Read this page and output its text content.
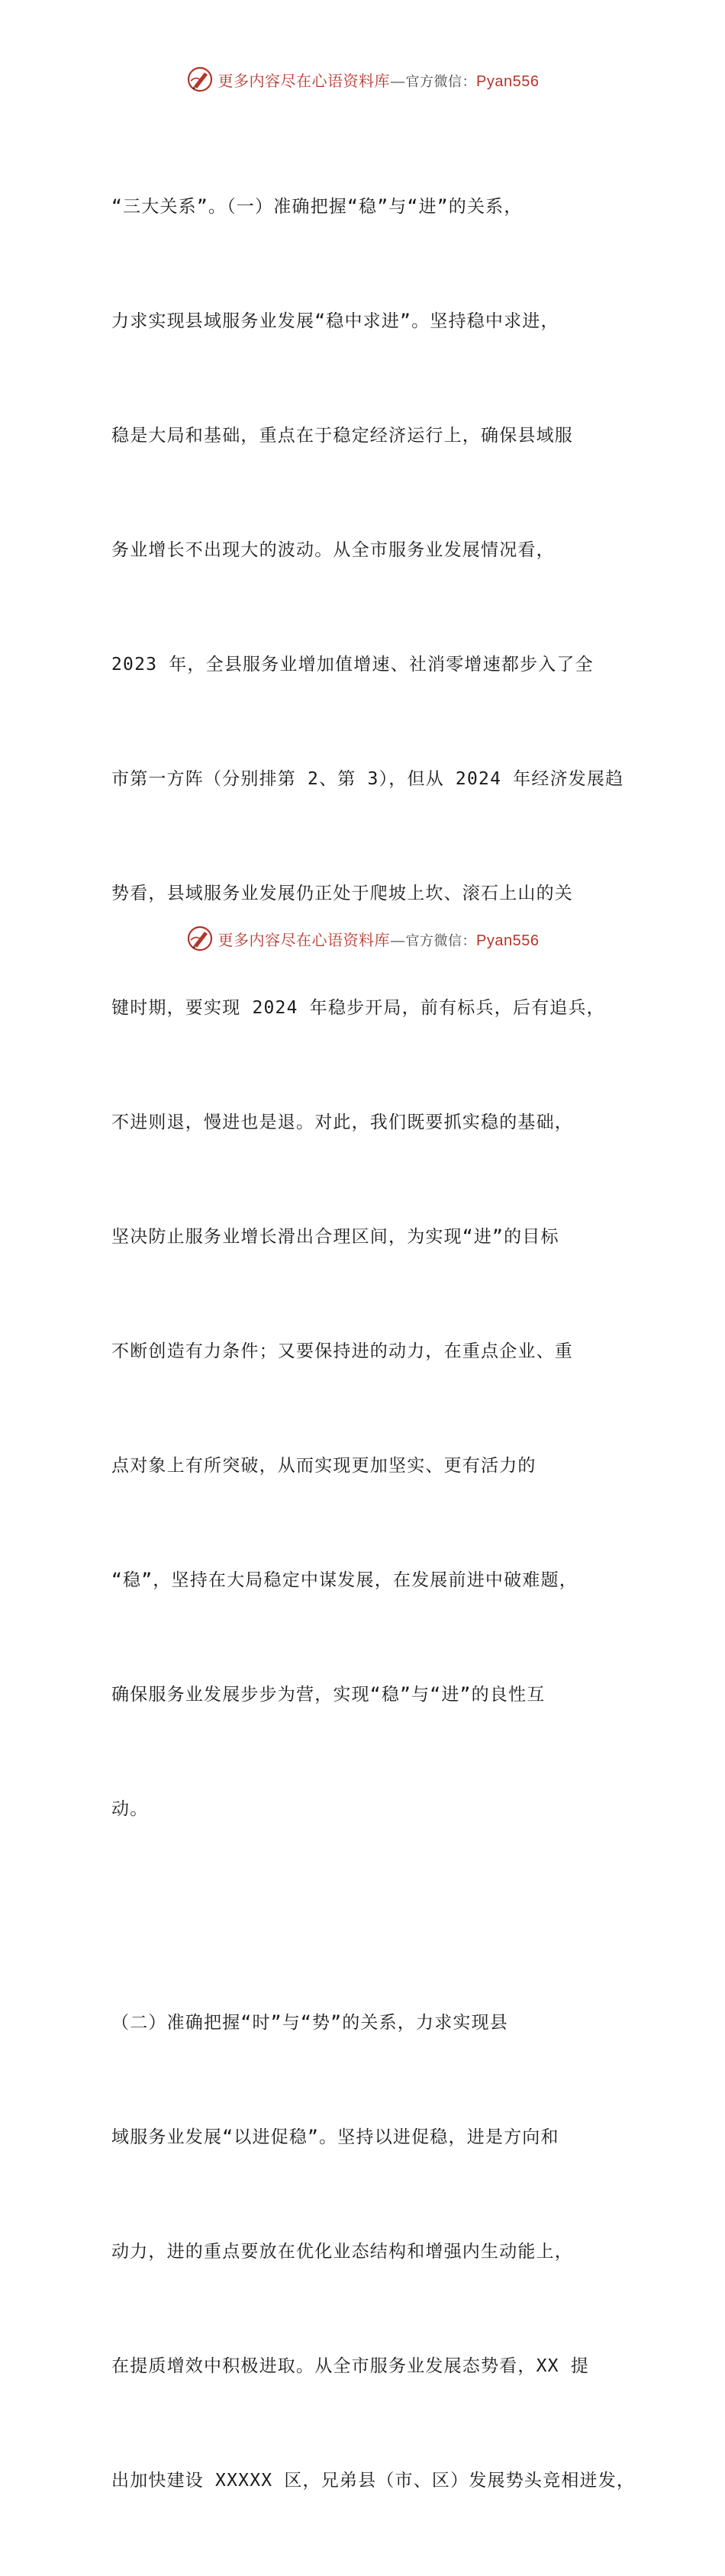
更多内容尽在心语资料库—官方微信：Pyan556

“三大关系”。（一）准确把握“稳”与“进”的关系，

力求实现县域服务业发展“稳中求进”。坚持稳中求进，

稳是大局和基础，重点在于稳定经济运行上，确保县域服

务业增长不出现大的波动。从全市服务业发展情况看，

2023 年，全县服务业增加值增速、社消零增速都步入了全

市第一方阵（分别排第 2、第 3），但从 2024 年经济发展趋

势看，县域服务业发展仍正处于爬坡上坎、滚石上山的关

键时期，要实现 2024 年稳步开局，前有标兵，后有追兵，

不进则退，慢进也是退。对此，我们既要抓实稳的基础，

坚决防止服务业增长滑出合理区间，为实现“进”的目标

不断创造有力条件；又要保持进的动力，在重点企业、重

点对象上有所突破，从而实现更加坚实、更有活力的

“稳”，坚持在大局稳定中谋发展，在发展前进中破难题，

确保服务业发展步步为营，实现“稳”与“进”的良性互

动。

（二）准确把握“时”与“势”的关系，力求实现县

域服务业发展“以进促稳”。坚持以进促稳，进是方向和

动力，进的重点要放在优化业态结构和增强内生动能上，

在提质增效中积极进取。从全市服务业发展态势看，XX 提

出加快建设 XXXXX 区，兄弟县（市、区）发展势头竞相迸发，

更多内容尽在心语资料库—官方微信：Pyan556
